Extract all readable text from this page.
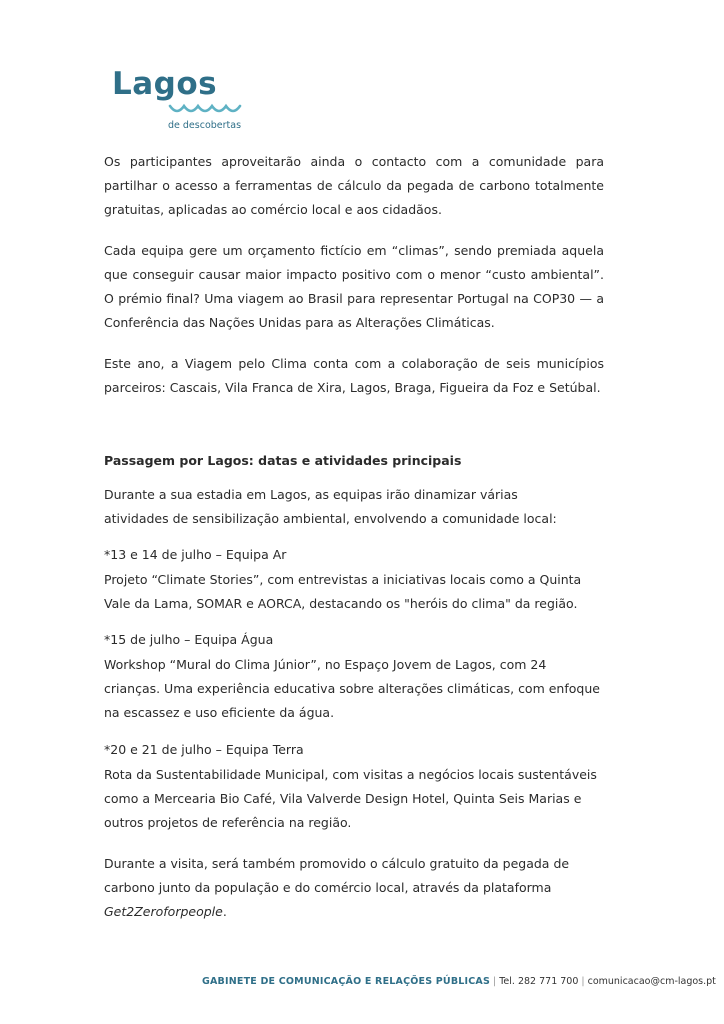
Lagos
de descobertas

Os participantes aproveitarão ainda o contacto com a comunidade para partilhar o acesso a ferramentas de cálculo da pegada de carbono totalmente gratuitas, aplicadas ao comércio local e aos cidadãos.

Cada equipa gere um orçamento fictício em “climas”, sendo premiada aquela que conseguir causar maior impacto positivo com o menor “custo ambiental”. O prémio final? Uma viagem ao Brasil para representar Portugal na COP30 — a Conferência das Nações Unidas para as Alterações Climáticas.

Este ano, a Viagem pelo Clima conta com a colaboração de seis municípios parceiros: Cascais, Vila Franca de Xira, Lagos, Braga, Figueira da Foz e Setúbal.

Passagem por Lagos: datas e atividades principais

Durante a sua estadia em Lagos, as equipas irão dinamizar várias atividades de sensibilização ambiental, envolvendo a comunidade local:

*13 e 14 de julho – Equipa Ar

Projeto “Climate Stories”, com entrevistas a iniciativas locais como a Quinta Vale da Lama, SOMAR e AORCA, destacando os "heróis do clima" da região.

*15 de julho – Equipa Água

Workshop “Mural do Clima Júnior”, no Espaço Jovem de Lagos, com 24 crianças. Uma experiência educativa sobre alterações climáticas, com enfoque na escassez e uso eficiente da água.

*20 e 21 de julho – Equipa Terra

Rota da Sustentabilidade Municipal, com visitas a negócios locais sustentáveis como a Mercearia Bio Café, Vila Valverde Design Hotel, Quinta Seis Marias e outros projetos de referência na região.

Durante a visita, será também promovido o cálculo gratuito da pegada de carbono junto da população e do comércio local, através da plataforma Get2Zeroforpeople.

GABINETE DE COMUNICAÇÃO E RELAÇÕES PÚBLICAS | Tel. 282 771 700 | comunicacao@cm-lagos.pt
